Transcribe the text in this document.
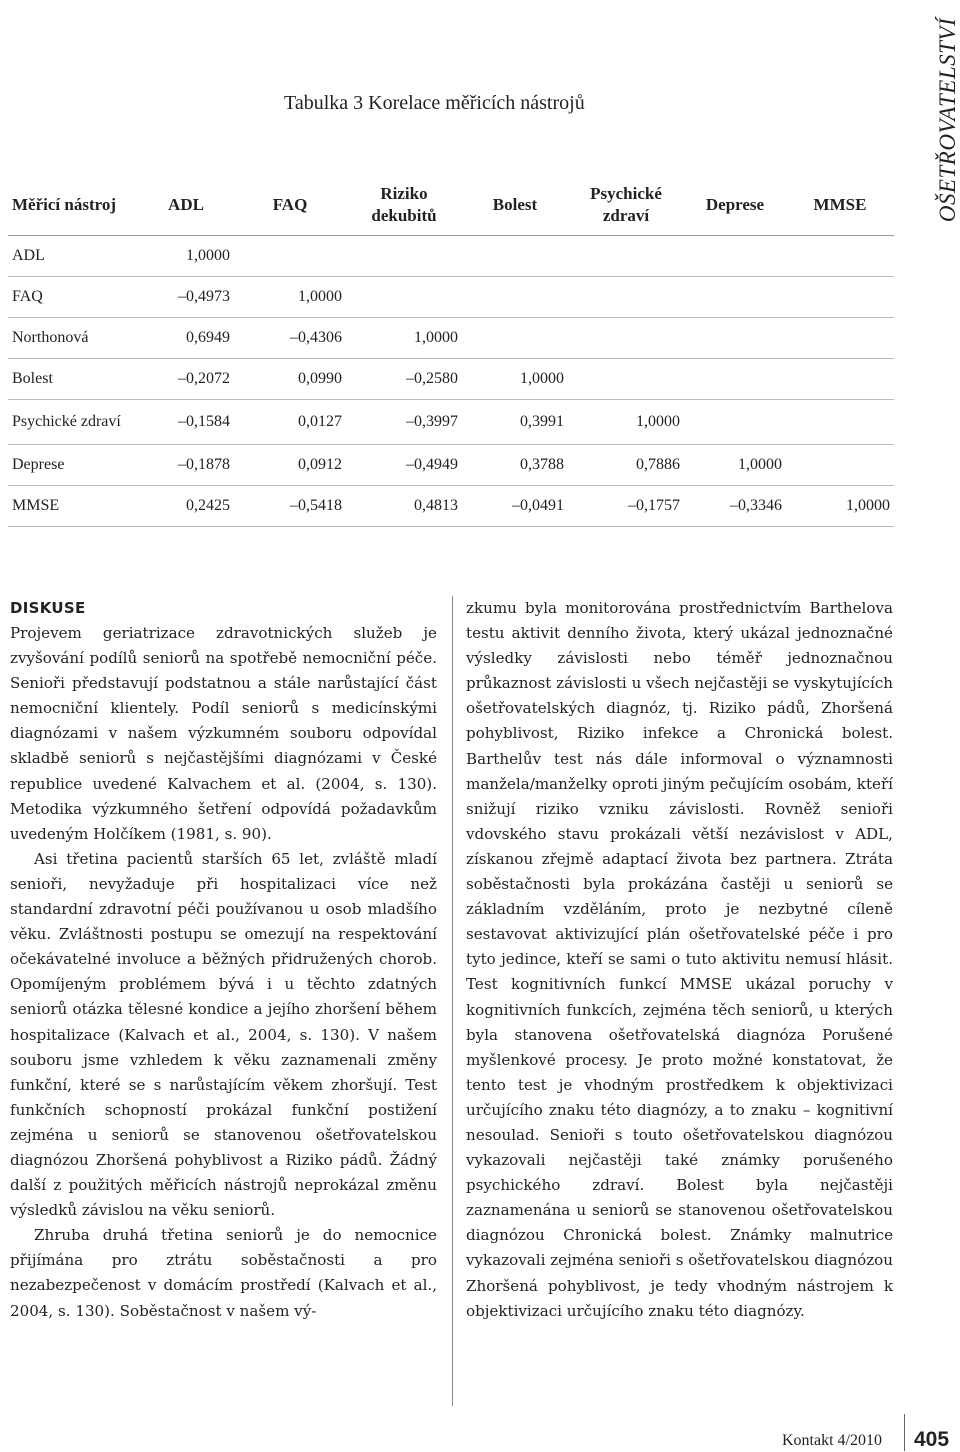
OŠETŘOVATELSTVÍ
Tabulka 3 Korelace měřicích nástrojů
Měřicí nástroj	ADL	FAQ	Riziko dekubitů	Bolest	Psychické zdraví	Deprese	MMSE
ADL	1,0000						
FAQ	–0,4973	1,0000					
Northonová	0,6949	–0,4306	1,0000				
Bolest	–0,2072	0,0990	–0,2580	1,0000			
Psychické zdraví	–0,1584	0,0127	–0,3997	0,3991	1,0000		
Deprese	–0,1878	0,0912	–0,4949	0,3788	0,7886	1,0000	
MMSE	0,2425	–0,5418	0,4813	–0,0491	–0,1757	–0,3346	1,0000

DISKUSE

Projevem geriatrizace zdravotnických služeb je zvyšování podílů seniorů na spotřebě nemocniční péče. Senioři představují podstatnou a stále narůstající část nemocniční klientely. Podíl seniorů s medicínskými diagnózami v našem výzkumném souboru odpovídal skladbě seniorů s nejčastějšími diagnózami v České republice uvedené Kalvachem et al. (2004, s. 130). Metodika výzkumného šetření odpovídá požadavkům uvedeným Holčíkem (1981, s. 90).

Asi třetina pacientů starších 65 let, zvláště mladí senioři, nevyžaduje při hospitalizaci více než standardní zdravotní péči používanou u osob mladšího věku. Zvláštnosti postupu se omezují na respektování očekávatelné involuce a běžných přidružených chorob. Opomíjeným problémem bývá i u těchto zdatných seniorů otázka tělesné kondice a jejího zhoršení během hospitalizace (Kalvach et al., 2004, s. 130). V našem souboru jsme vzhledem k věku zaznamenali změny funkční, které se s narůstajícím věkem zhoršují. Test funkčních schopností prokázal funkční postižení zejména u seniorů se stanovenou ošetřovatelskou diagnózou Zhoršená pohyblivost a Riziko pádů. Žádný další z použitých měřicích nástrojů neprokázal změnu výsledků závislou na věku seniorů.

Zhruba druhá třetina seniorů je do nemocnice přijímána pro ztrátu soběstačnosti a pro nezabezpečenost v domácím prostředí (Kalvach et al., 2004, s. 130). Soběstačnost v našem vý-

zkumu byla monitorována prostřednictvím Barthelova testu aktivit denního života, který ukázal jednoznačné výsledky závislosti nebo téměř jednoznačnou průkaznost závislosti u všech nejčastěji se vyskytujících ošetřovatelských diagnóz, tj. Riziko pádů, Zhoršená pohyblivost, Riziko infekce a Chronická bolest. Barthelův test nás dále informoval o významnosti manžela/manželky oproti jiným pečujícím osobám, kteří snižují riziko vzniku závislosti. Rovněž senioři vdovského stavu prokázali větší nezávislost v ADL, získanou zřejmě adaptací života bez partnera. Ztráta soběstačnosti byla prokázána častěji u seniorů se základním vzděláním, proto je nezbytné cíleně sestavovat aktivizující plán ošetřovatelské péče i pro tyto jedince, kteří se sami o tuto aktivitu nemusí hlásit. Test kognitivních funkcí MMSE ukázal poruchy v kognitivních funkcích, zejména těch seniorů, u kterých byla stanovena ošetřovatelská diagnóza Porušené myšlenkové procesy. Je proto možné konstatovat, že tento test je vhodným prostředkem k objektivizaci určujícího znaku této diagnózy, a to znaku – kognitivní nesoulad. Senioři s touto ošetřovatelskou diagnózou vykazovali nejčastěji také známky porušeného psychického zdraví. Bolest byla nejčastěji zaznamenána u seniorů se stanovenou ošetřovatelskou diagnózou Chronická bolest. Známky malnutrice vykazovali zejména senioři s ošetřovatelskou diagnózou Zhoršená pohyblivost, je tedy vhodným nástrojem k objektivizaci určujícího znaku této diagnózy.

Kontakt 4/2010 405
